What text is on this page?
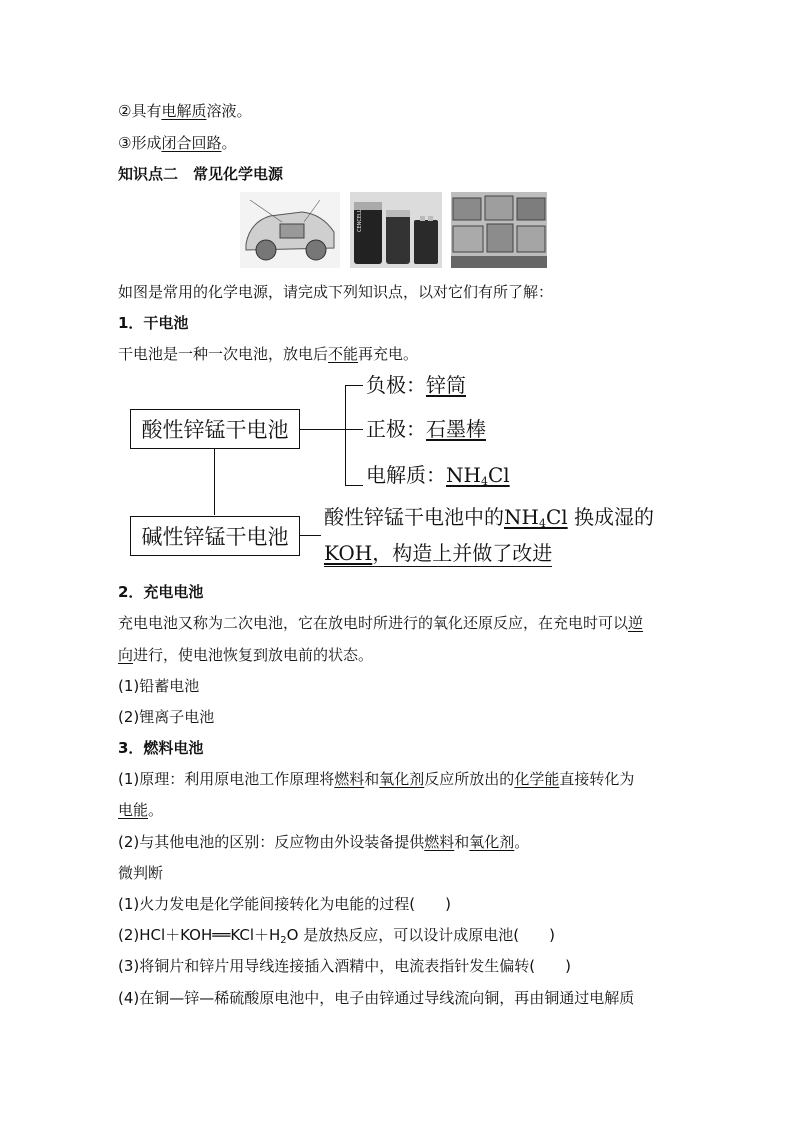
②具有电解质溶液。
③形成闭合回路。
知识点二　常见化学电源
CENCELL
如图是常用的化学电源，请完成下列知识点，以对它们有所了解：
1．干电池
干电池是一种一次电池，放电后不能再充电。
酸性锌锰干电池
碱性锌锰干电池
负极：锌筒
正极：石墨棒
电解质：$NH_4Cl$
酸性锌锰干电池中的$NH_4Cl$ 换成湿的
KOH，构造上并做了改进
2．充电电池
充电电池又称为二次电池，它在放电时所进行的氧化还原反应，在充电时可以逆
向进行，使电池恢复到放电前的状态。
(1)铅蓄电池
(2)锂离子电池
3．燃料电池
(1)原理：利用原电池工作原理将燃料和氧化剂反应所放出的化学能直接转化为
电能。
(2)与其他电池的区别：反应物由外设装备提供燃料和氧化剂。
微判断
(1)火力发电是化学能间接转化为电能的过程(　　)
$(2)HCl+KOH══KCl+H_2O$ 是放热反应，可以设计成原电池(　　)
(3)将铜片和锌片用导线连接插入酒精中，电流表指针发生偏转(　　)
(4)在铜—锌—稀硫酸原电池中，电子由锌通过导线流向铜，再由铜通过电解质
